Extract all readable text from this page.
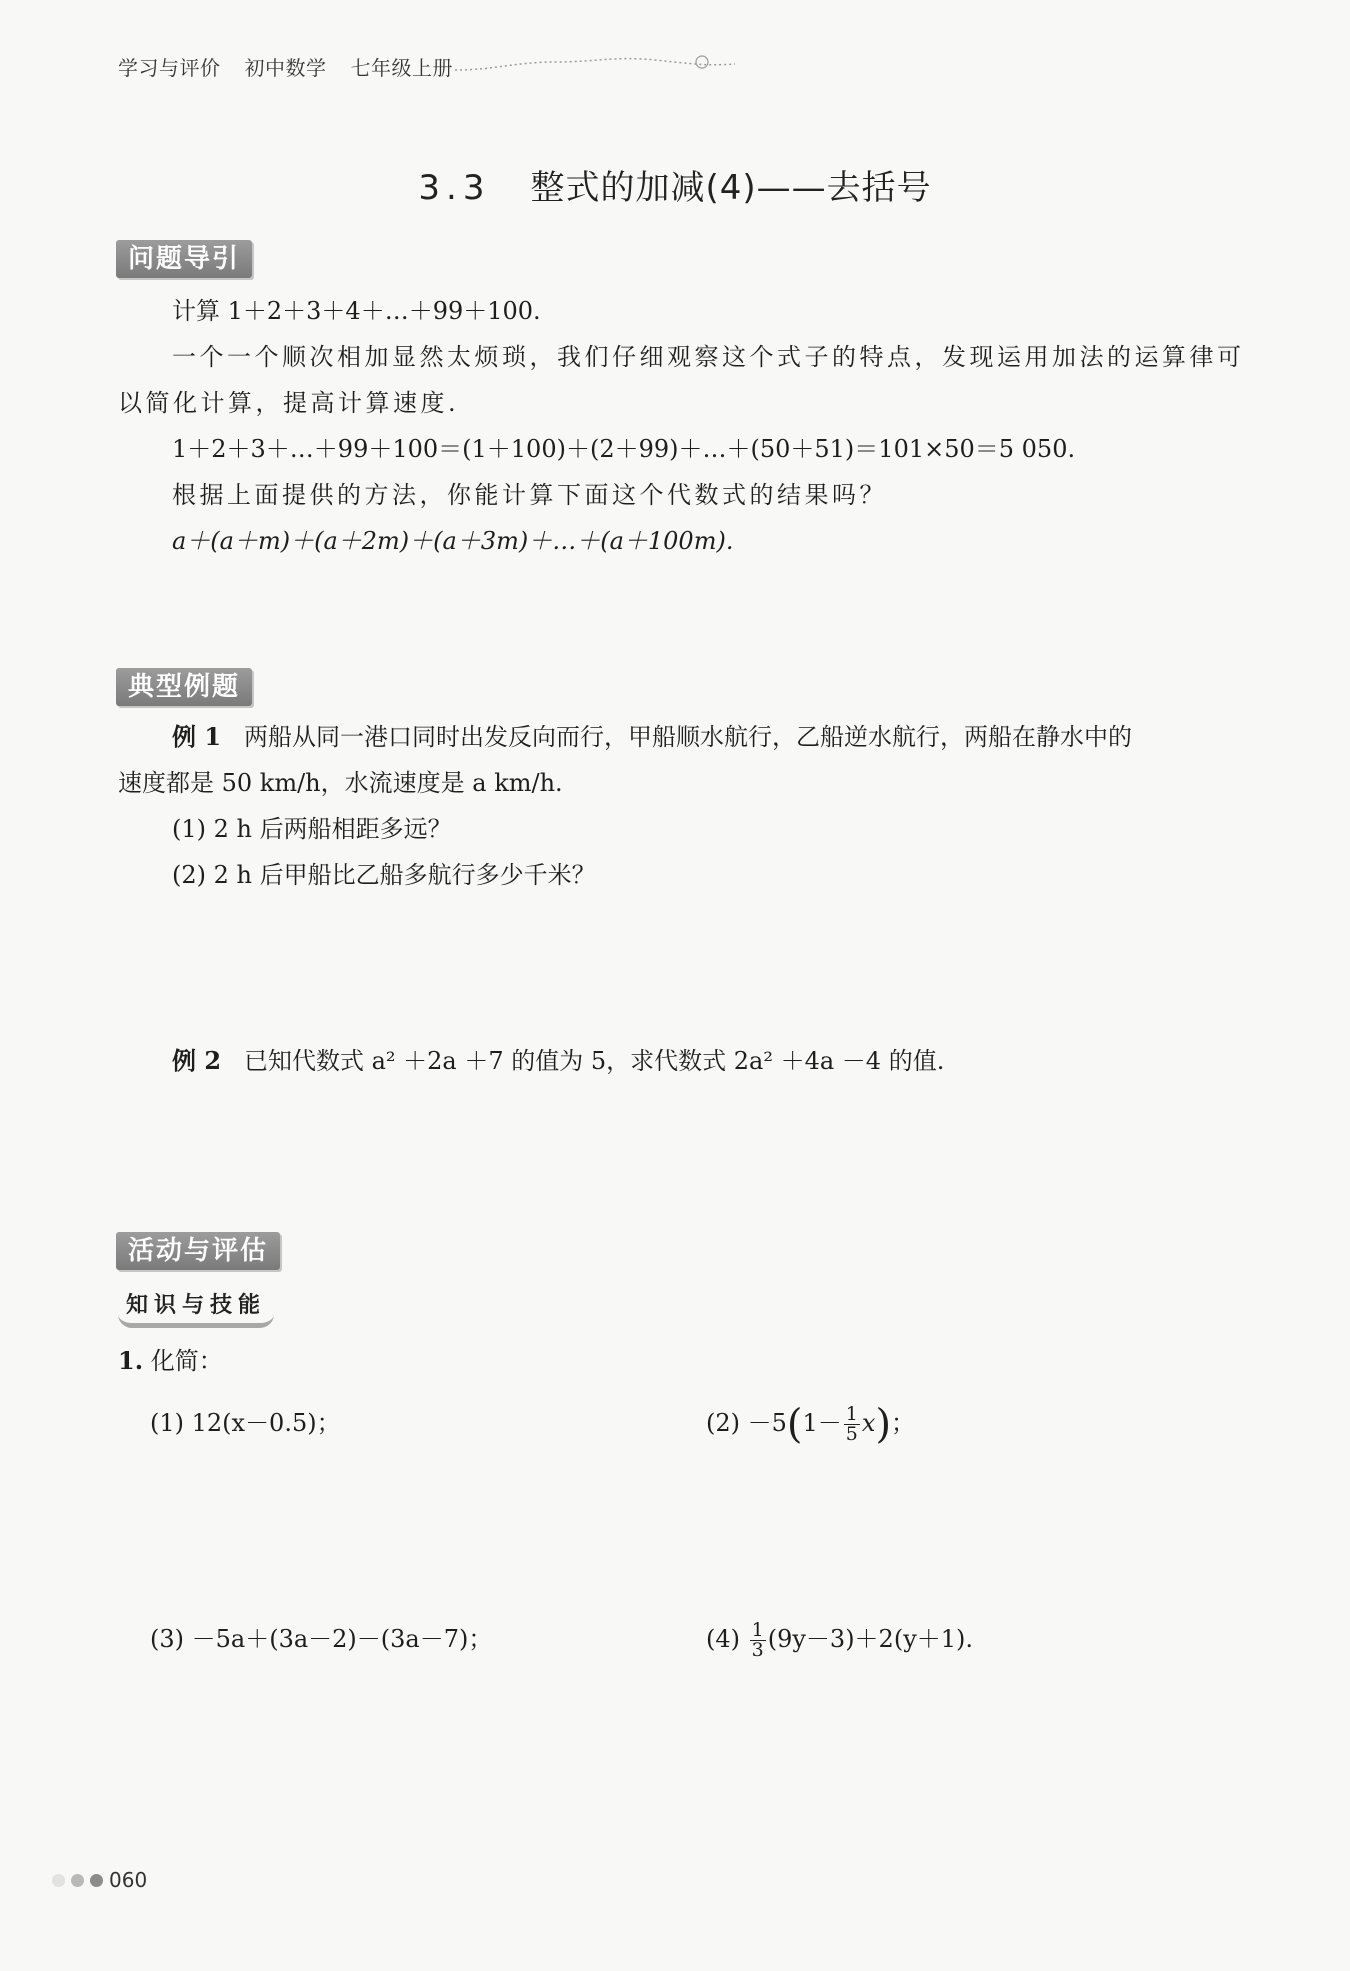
学习与评价 初中数学 七年级上册
3.3 整式的加减(4)——去括号
问题导引
计算 1＋2＋3＋4＋…＋99＋100.
一个一个顺次相加显然太烦琐，我们仔细观察这个式子的特点，发现运用加法的运算律可
以简化计算，提高计算速度.
1＋2＋3＋…＋99＋100＝(1＋100)＋(2＋99)＋…＋(50＋51)＝101×50＝5 050.
根据上面提供的方法，你能计算下面这个代数式的结果吗？
a＋(a＋m)＋(a＋2m)＋(a＋3m)＋…＋(a＋100m).
典型例题
例 1 两船从同一港口同时出发反向而行，甲船顺水航行，乙船逆水航行，两船在静水中的
速度都是 50 km/h，水流速度是 a km/h.
(1) 2 h 后两船相距多远？
(2) 2 h 后甲船比乙船多航行多少千米？
例 2 已知代数式 a² ＋2a ＋7 的值为 5，求代数式 2a² ＋4a －4 的值.
活动与评估
知识与技能
1. 化简：
(1) 12(x－0.5)；	$(2) -5(1- \frac{1}{5} x)$；
(3) －5a＋(3a－2)－(3a－7)；	$(4) \frac{1}{3} (9y-3)+2(y+1)$.
060
